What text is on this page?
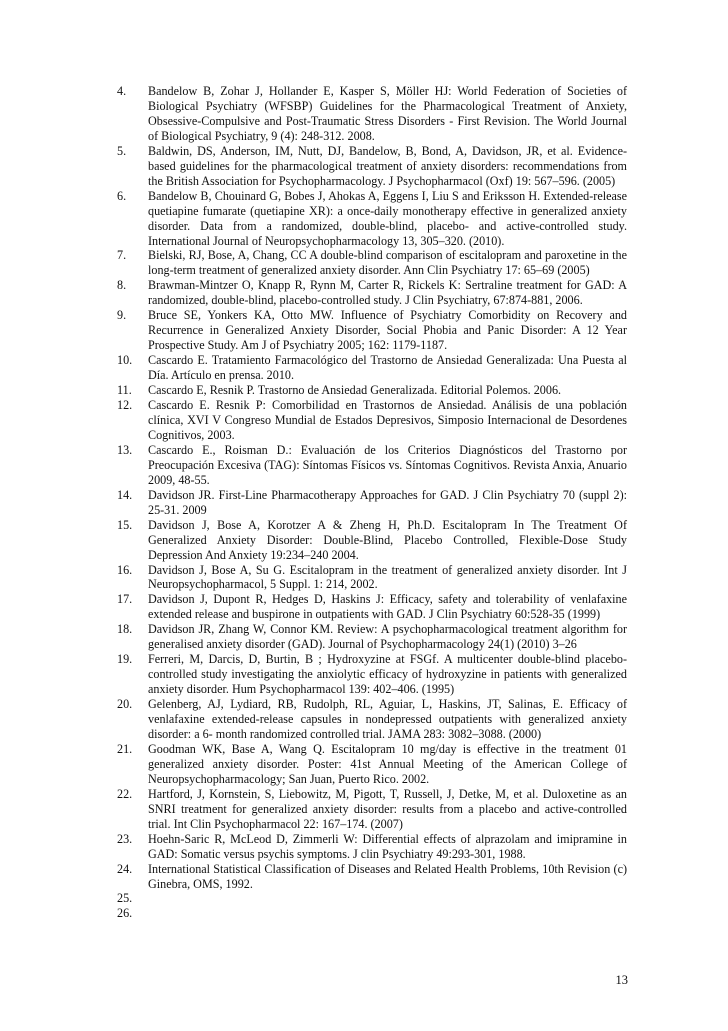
4.	Bandelow B, Zohar J, Hollander E, Kasper S, Möller HJ: World Federation of Societies of Biological Psychiatry (WFSBP) Guidelines for the Pharmacological Treatment of Anxiety, Obsessive-Compulsive and Post-Traumatic Stress Disorders - First Revision. The World Journal of Biological Psychiatry, 9 (4): 248-312. 2008.
5.	Baldwin, DS, Anderson, IM, Nutt, DJ, Bandelow, B, Bond, A, Davidson, JR, et al. Evidence-based guidelines for the pharmacological treatment of anxiety disorders: recommendations from the British Association for Psychopharmacology. J Psychopharmacol (Oxf) 19: 567–596. (2005)
6.	Bandelow B, Chouinard G, Bobes J, Ahokas A, Eggens I, Liu S and Eriksson H. Extended-release quetiapine fumarate (quetiapine XR): a once-daily monotherapy effective in generalized anxiety disorder. Data from a randomized, double-blind, placebo- and active-controlled study. International Journal of Neuropsychopharmacology 13, 305–320. (2010).
7.	Bielski, RJ, Bose, A, Chang, CC A double-blind comparison of escitalopram and paroxetine in the long-term treatment of generalized anxiety disorder. Ann Clin Psychiatry 17: 65–69 (2005)
8.	Brawman-Mintzer O, Knapp R, Rynn M, Carter R, Rickels K: Sertraline treatment for GAD: A randomized, double-blind, placebo-controlled study. J Clin Psychiatry, 67:874-881, 2006.
9.	Bruce SE, Yonkers KA, Otto MW. Influence of Psychiatry Comorbidity on Recovery and Recurrence in Generalized Anxiety Disorder, Social Phobia and Panic Disorder: A 12 Year Prospective Study. Am J of Psychiatry 2005; 162: 1179-1187.
10.	Cascardo E. Tratamiento Farmacológico del Trastorno de Ansiedad Generalizada: Una Puesta al Día. Artículo en prensa. 2010.
11.	Cascardo E, Resnik P. Trastorno de Ansiedad Generalizada. Editorial Polemos. 2006.
12.	Cascardo E. Resnik P: Comorbilidad en Trastornos de Ansiedad. Análisis de una población clínica, XVI V Congreso Mundial de Estados Depresivos, Simposio Internacional de Desordenes Cognitivos, 2003.
13.	Cascardo E., Roisman D.: Evaluación de los Criterios Diagnósticos del Trastorno por Preocupación Excesiva (TAG): Síntomas Físicos vs. Síntomas Cognitivos. Revista Anxia, Anuario 2009, 48-55.
14.	Davidson JR. First-Line Pharmacotherapy Approaches for GAD. J Clin Psychiatry 70 (suppl 2): 25-31. 2009
15.	Davidson J, Bose A, Korotzer A & Zheng H, Ph.D. Escitalopram In The Treatment Of Generalized Anxiety Disorder: Double-Blind, Placebo Controlled, Flexible-Dose Study Depression And Anxiety 19:234–240 2004.
16.	Davidson J, Bose A, Su G. Escitalopram in the treatment of generalized anxiety disorder. Int J Neuropsychopharmacol, 5 Suppl. 1: 214, 2002.
17.	Davidson J, Dupont R, Hedges D, Haskins J: Efficacy, safety and tolerability of venlafaxine extended release and buspirone in outpatients with GAD. J Clin Psychiatry 60:528-35 (1999)
18.	Davidson JR, Zhang W, Connor KM. Review: A psychopharmacological treatment algorithm for generalised anxiety disorder (GAD). Journal of Psychopharmacology 24(1) (2010) 3–26
19.	Ferreri, M, Darcis, D, Burtin, B ; Hydroxyzine at FSGf. A multicenter double-blind placebo-controlled study investigating the anxiolytic efficacy of hydroxyzine in patients with generalized anxiety disorder. Hum Psychopharmacol 139: 402–406. (1995)
20.	Gelenberg, AJ, Lydiard, RB, Rudolph, RL, Aguiar, L, Haskins, JT, Salinas, E. Efficacy of venlafaxine extended-release capsules in nondepressed outpatients with generalized anxiety disorder: a 6- month randomized controlled trial. JAMA 283: 3082–3088. (2000)
21.	Goodman WK, Base A, Wang Q. Escitalopram 10 mg/day is effective in the treatment 01 generalized anxiety disorder. Poster: 41st Annual Meeting of the American College of Neuropsychopharmacology; San Juan, Puerto Rico. 2002.
22.	Hartford, J, Kornstein, S, Liebowitz, M, Pigott, T, Russell, J, Detke, M, et al. Duloxetine as an SNRI treatment for generalized anxiety disorder: results from a placebo and active-controlled trial. Int Clin Psychopharmacol 22: 167–174. (2007)
23.	Hoehn-Saric R, McLeod D, Zimmerli W: Differential effects of alprazolam and imipramine in GAD: Somatic versus psychis symptoms. J clin Psychiatry 49:293-301, 1988.
24.	International Statistical Classification of Diseases and Related Health Problems, 10th Revision (c) Ginebra, OMS, 1992.
25.
26.
13
